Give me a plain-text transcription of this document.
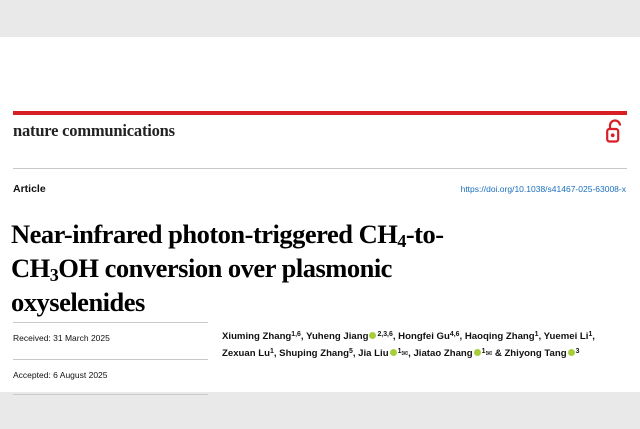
nature communications
Article	https://doi.org/10.1038/s41467-025-63008-x
Near-infrared photon-triggered $CH_4-to-$ $CH_3OH$ conversion over plasmonic oxyselenides
Received: 31 March 2025
Accepted: 6 August 2025
Xiuming Zhang$^{1,6}$, Yuheng Jiang $^{2,3,6}$, Hongfei Gu$^{4,6}$, Haoqing Zhang$^1$, Yuemei Li$^1$,
Zexuan Lu$^1$, Shuping Zhang$^5$, Jia Liu $^1$✉, Jiatao Zhang $^1$✉ & Zhiyong Tang $^3$
